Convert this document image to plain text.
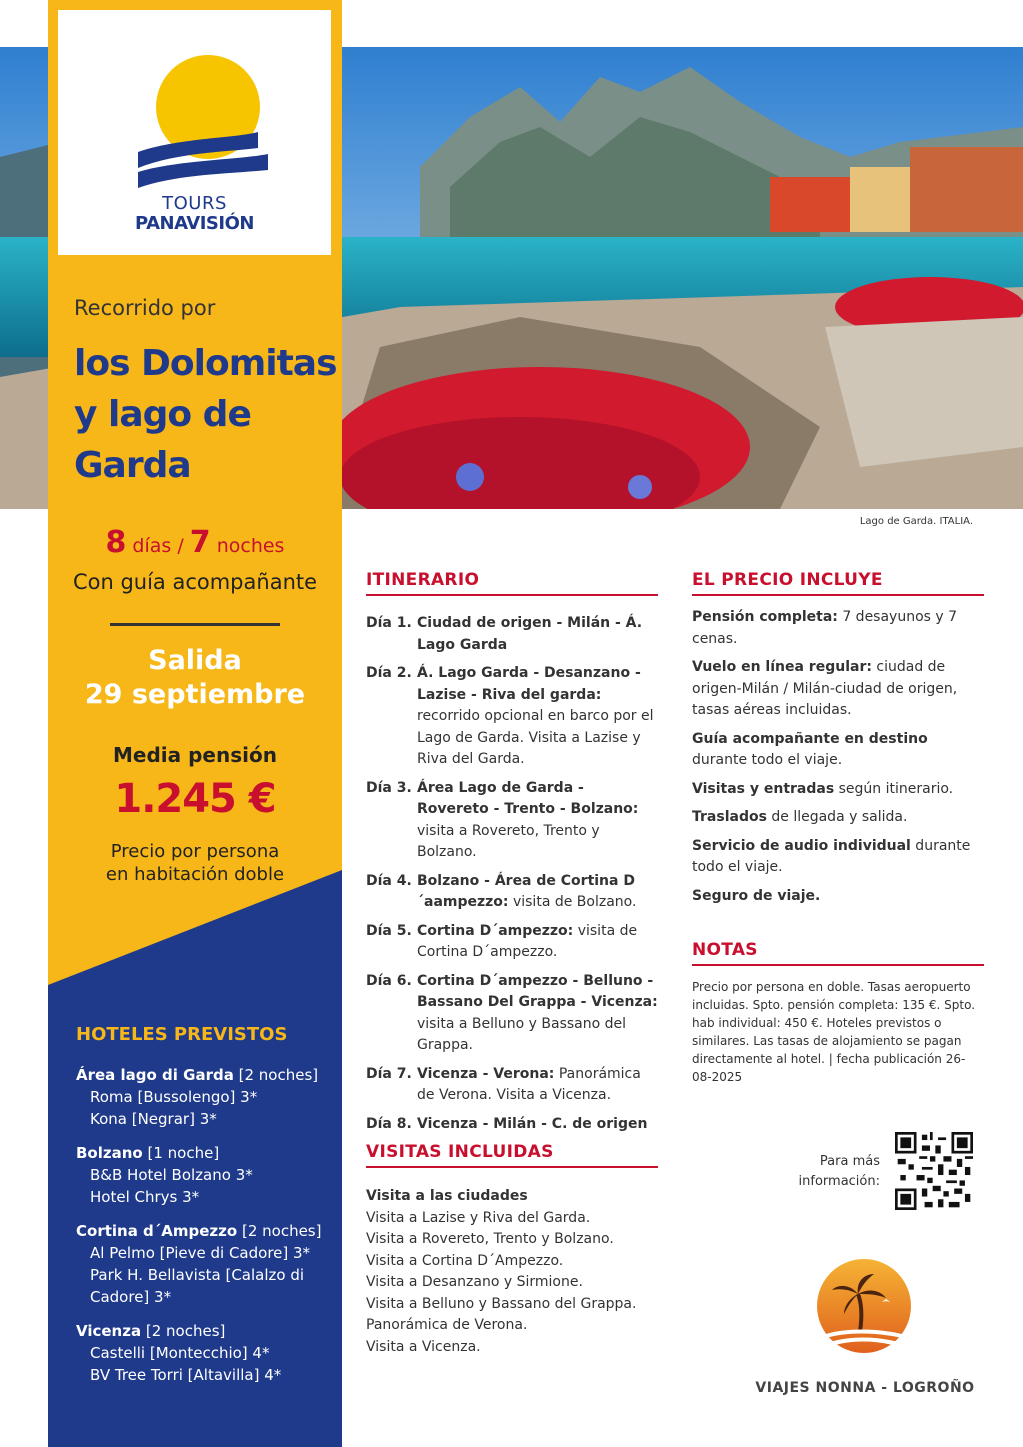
Lago de Garda. ITALIA.
TOURS
PANAVISIÓN
Recorrido por
los Dolomitas
y lago de
Garda
8 días / 7 noches
Con guía acompañante
Salida
29 septiembre
Media pensión
1.245 €
Precio por persona
en habitación doble
HOTELES PREVISTOS
Área lago di Garda [2 noches]
Roma [Bussolengo] 3*
Kona [Negrar] 3*
Bolzano [1 noche]
B&B Hotel Bolzano 3*
Hotel Chrys 3*
Cortina d´Ampezzo [2 noches]
Al Pelmo [Pieve di Cadore] 3*
Park H. Bellavista [Calalzo di Cadore] 3*
Vicenza [2 noches]
Castelli [Montecchio] 4*
BV Tree Torri [Altavilla] 4*
ITINERARIO
Día 1. Ciudad de origen - Milán - Á. Lago Garda
Día 2. Á. Lago Garda - Desanzano - Lazise - Riva del garda: recorrido opcional en barco por el Lago de Garda. Visita a Lazise y Riva del Garda.
Día 3. Área Lago de Garda - Rovereto - Trento - Bolzano: visita a Rovereto, Trento y Bolzano.
Día 4. Bolzano - Área de Cortina D´aampezzo: visita de Bolzano.
Día 5. Cortina D´ampezzo: visita de Cortina D´ampezzo.
Día 6. Cortina D´ampezzo - Belluno - Bassano Del Grappa - Vicenza: visita a Belluno y Bassano del Grappa.
Día 7. Vicenza - Verona: Panorámica de Verona. Visita a Vicenza.
Día 8. Vicenza - Milán - C. de origen
VISITAS INCLUIDAS
Visita a las ciudades
Visita a Lazise y Riva del Garda.
Visita a Rovereto, Trento y Bolzano.
Visita a Cortina D´Ampezzo.
Visita a Desanzano y Sirmione.
Visita a Belluno y Bassano del Grappa.
Panorámica de Verona.
Visita a Vicenza.
EL PRECIO INCLUYE

Pensión completa: 7 desayunos y 7 cenas.

Vuelo en línea regular: ciudad de origen-Milán / Milán-ciudad de origen, tasas aéreas incluidas.

Guía acompañante en destino durante todo el viaje.

Visitas y entradas según itinerario.

Traslados de llegada y salida.

Servicio de audio individual durante todo el viaje.

Seguro de viaje.

NOTAS
Precio por persona en doble. Tasas aeropuerto incluidas. Spto. pensión completa: 135 €. Spto. hab individual: 450 €. Hoteles previstos o similares. Las tasas de alojamiento se pagan directamente al hotel. | fecha publicación 26-08-2025
Para más
información:
VIAJES NONNA - LOGROÑO
